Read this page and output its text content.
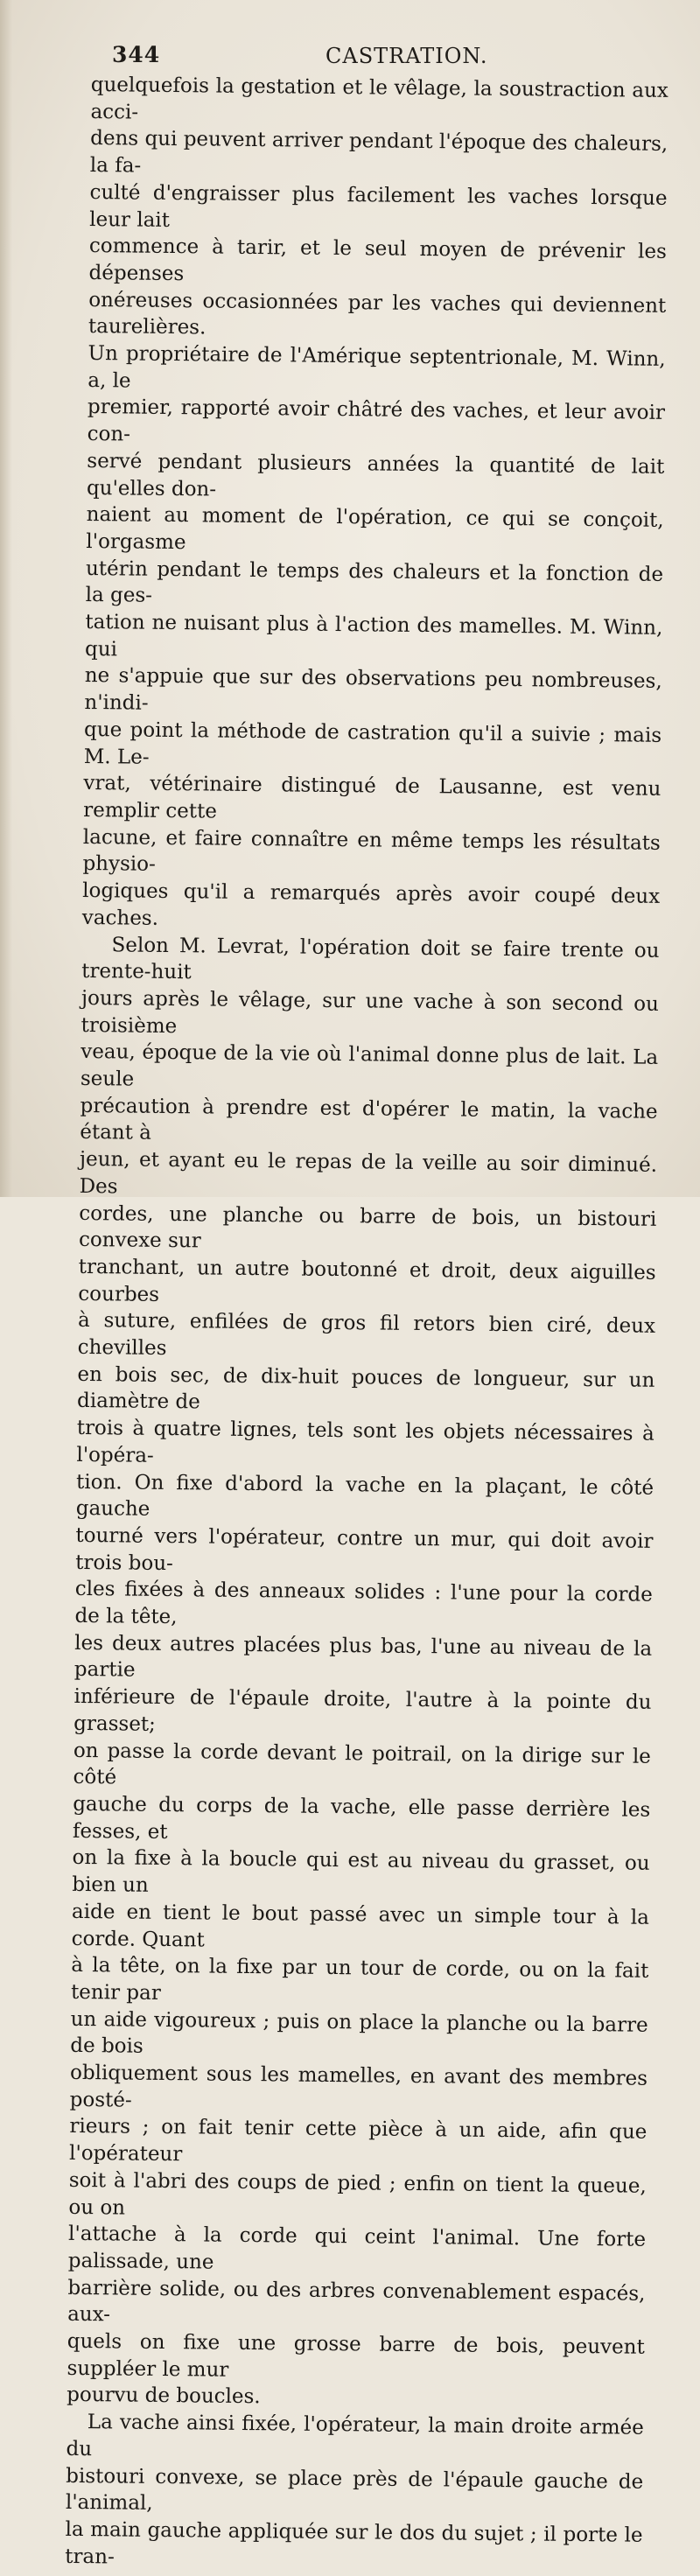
344	CASTRATION.

quelquefois la gestation et le vêlage, la soustraction aux acci-
dens qui peuvent arriver pendant l'époque des chaleurs, la fa-
culté d'engraisser plus facilement les vaches lorsque leur lait
commence à tarir, et le seul moyen de prévenir les dépenses
onéreuses occasionnées par les vaches qui deviennent taurelières.
Un propriétaire de l'Amérique septentrionale, M. Winn, a, le
premier, rapporté avoir châtré des vaches, et leur avoir con-
servé pendant plusieurs années la quantité de lait qu'elles don-
naient au moment de l'opération, ce qui se conçoit, l'orgasme
utérin pendant le temps des chaleurs et la fonction de la ges-
tation ne nuisant plus à l'action des mamelles. M. Winn, qui
ne s'appuie que sur des observations peu nombreuses, n'indi-
que point la méthode de castration qu'il a suivie ; mais M. Le-
vrat, vétérinaire distingué de Lausanne, est venu remplir cette
lacune, et faire connaître en même temps les résultats physio-
logiques qu'il a remarqués après avoir coupé deux vaches.

Selon M. Levrat, l'opération doit se faire trente ou trente-huit
jours après le vêlage, sur une vache à son second ou troisième
veau, époque de la vie où l'animal donne plus de lait. La seule
précaution à prendre est d'opérer le matin, la vache étant à
jeun, et ayant eu le repas de la veille au soir diminué. Des
cordes, une planche ou barre de bois, un bistouri convexe sur
tranchant, un autre boutonné et droit, deux aiguilles courbes
à suture, enfilées de gros fil retors bien ciré, deux chevilles
en bois sec, de dix-huit pouces de longueur, sur un diamètre de
trois à quatre lignes, tels sont les objets nécessaires à l'opéra-
tion. On fixe d'abord la vache en la plaçant, le côté gauche
tourné vers l'opérateur, contre un mur, qui doit avoir trois bou-
cles fixées à des anneaux solides : l'une pour la corde de la tête,
les deux autres placées plus bas, l'une au niveau de la partie
inférieure de l'épaule droite, l'autre à la pointe du grasset;
on passe la corde devant le poitrail, on la dirige sur le côté
gauche du corps de la vache, elle passe derrière les fesses, et
on la fixe à la boucle qui est au niveau du grasset, ou bien un
aide en tient le bout passé avec un simple tour à la corde. Quant
à la tête, on la fixe par un tour de corde, ou on la fait tenir par
un aide vigoureux ; puis on place la planche ou la barre de bois
obliquement sous les mamelles, en avant des membres posté-
rieurs ; on fait tenir cette pièce à un aide, afin que l'opérateur
soit à l'abri des coups de pied ; enfin on tient la queue, ou on
l'attache à la corde qui ceint l'animal. Une forte palissade, une
barrière solide, ou des arbres convenablement espacés, aux-
quels on fixe une grosse barre de bois, peuvent suppléer le mur
pourvu de boucles.

La vache ainsi fixée, l'opérateur, la main droite armée du
bistouri convexe, se place près de l'épaule gauche de l'animal,
la main gauche appliquée sur le dos du sujet ; il porte le tran-
